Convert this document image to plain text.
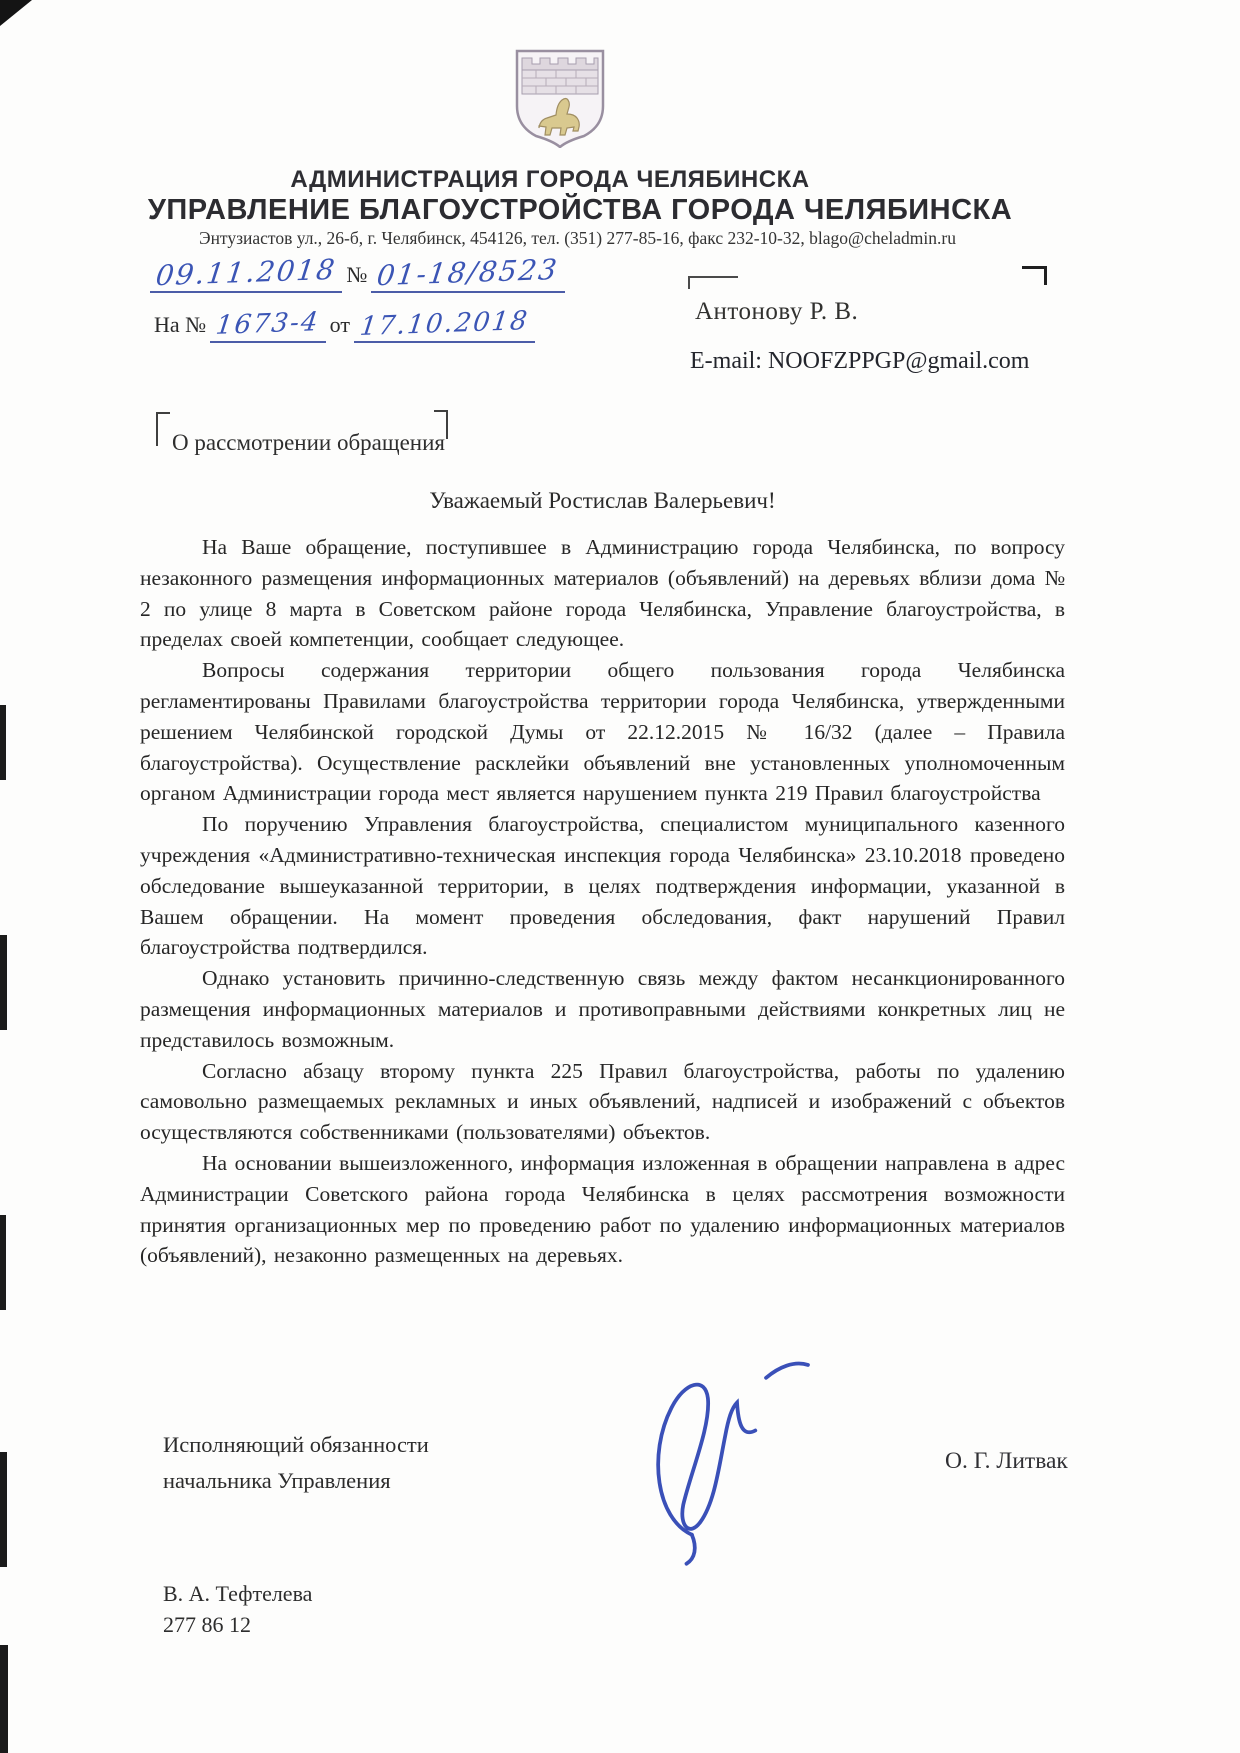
АДМИНИСТРАЦИЯ ГОРОДА ЧЕЛЯБИНСКА
УПРАВЛЕНИЕ БЛАГОУСТРОЙСТВА ГОРОДА ЧЕЛЯБИНСКА
Энтузиастов ул., 26-б, г. Челябинск, 454126, тел. (351) 277-85-16, факс 232-10-32, blago@cheladmin.ru
09.11.2018 № 01-18/8523
На № 1673-4 от 17.10.2018	Антонову Р. В.
E-mail: NOOFZPPGP@gmail.com
О рассмотрении обращения
Уважаемый Ростислав Валерьевич!

На Ваше обращение, поступившее в Администрацию города Челябинска, по вопросу незаконного размещения информационных материалов (объявлений) на деревьях вблизи дома № 2 по улице 8 марта в Советском районе города Челябинска, Управление благоустройства, в пределах своей компетенции, сообщает следующее.

Вопросы содержания территории общего пользования города Челябинска регламентированы Правилами благоустройства территории города Челябинска, утвержденными решением Челябинской городской Думы от 22.12.2015 № 16/32 (далее – Правила благоустройства). Осуществление расклейки объявлений вне установленных уполномоченным органом Администрации города мест является нарушением пункта 219 Правил благоустройства

По поручению Управления благоустройства, специалистом муниципального казенного учреждения «Административно-техническая инспекция города Челябинска» 23.10.2018 проведено обследование вышеуказанной территории, в целях подтверждения информации, указанной в Вашем обращении. На момент проведения обследования, факт нарушений Правил благоустройства подтвердился.

Однако установить причинно-следственную связь между фактом несанкционированного размещения информационных материалов и противоправными действиями конкретных лиц не представилось возможным.

Согласно абзацу второму пункта 225 Правил благоустройства, работы по удалению самовольно размещаемых рекламных и иных объявлений, надписей и изображений с объектов осуществляются собственниками (пользователями) объектов.

На основании вышеизложенного, информация изложенная в обращении направлена в адрес Администрации Советского района города Челябинска в целях рассмотрения возможности принятия организационных мер по проведению работ по удалению информационных материалов (объявлений), незаконно размещенных на деревьях.

Исполняющий обязанности
начальника Управления
О. Г. Литвак
В. А. Тефтелева
277 86 12
